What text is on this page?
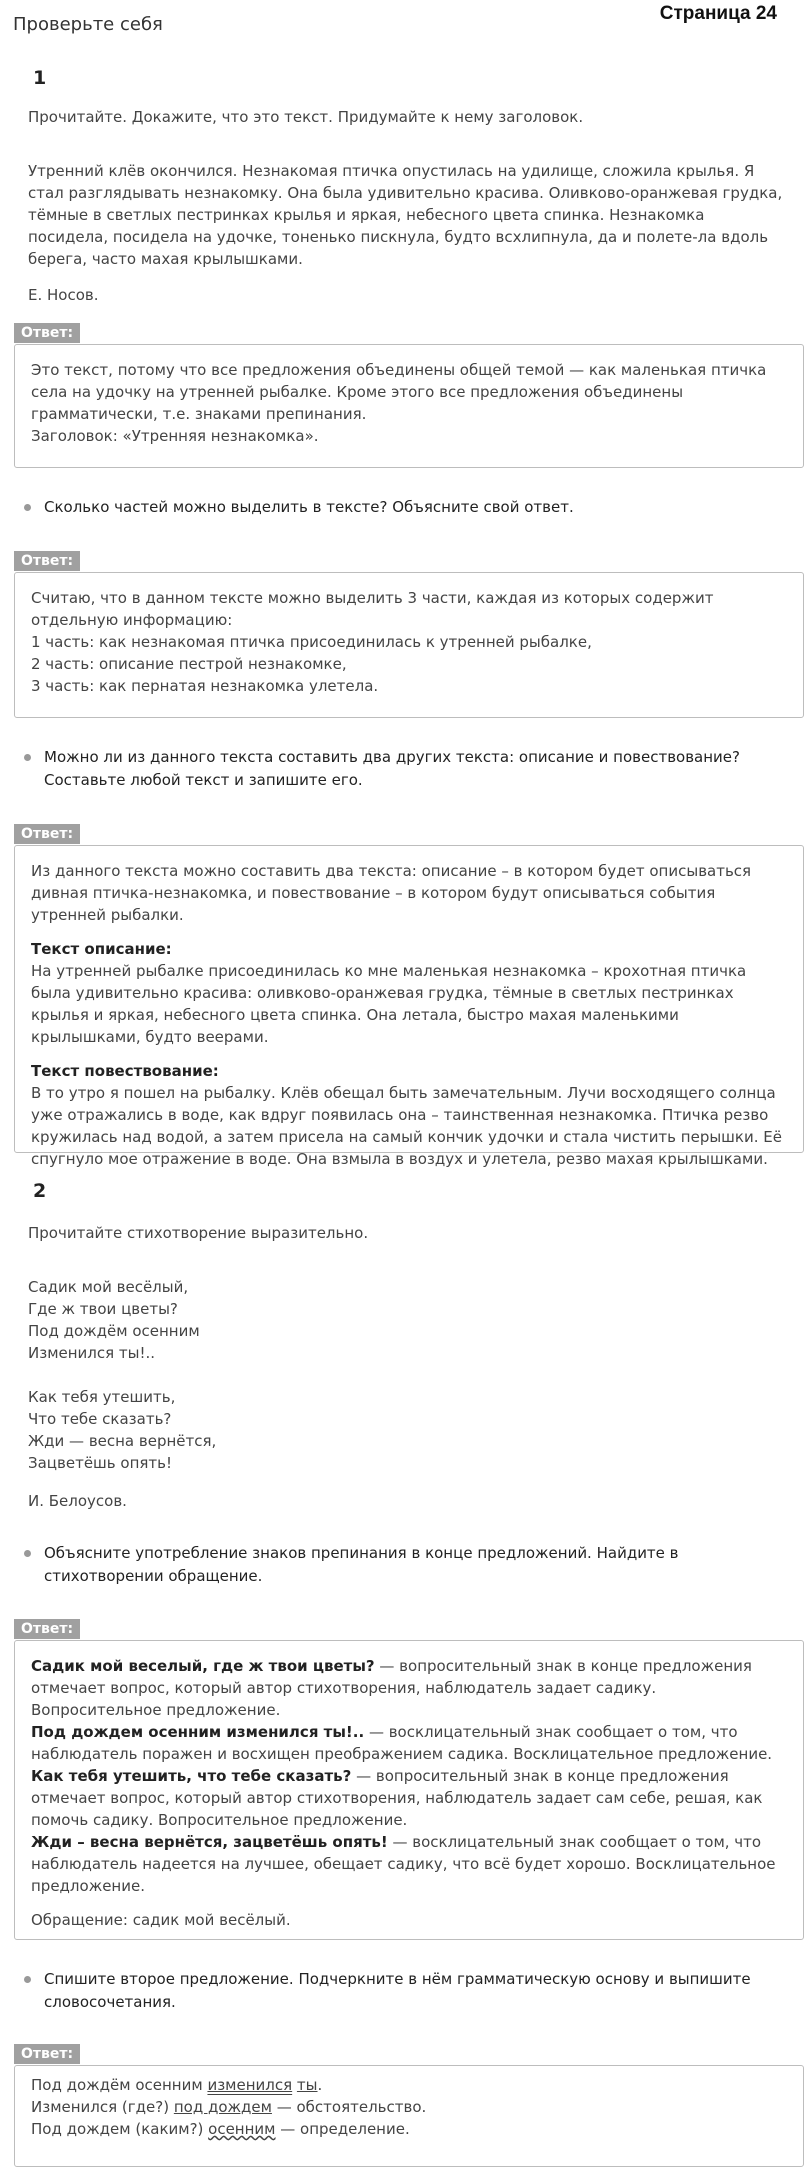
Проверьте себя
Страница 24
1
Прочитайте. Докажите, что это текст. Придумайте к нему заголовок.
Утренний клёв окончился. Незнакомая птичка опустилась на удилище, сложила крылья. Я стал разглядывать незнакомку. Она была удивительно красива. Оливково-оранжевая грудка, тёмные в светлых пестринках крылья и яркая, небесного цвета спинка. Незнакомка посидела, посидела на удочке, тоненько пискнула, будто всхлипнула, да и полете-ла вдоль берега, часто махая крылышками.
Е. Носов.
Ответ:

Это текст, потому что все предложения объединены общей темой — как маленькая птичка села на удочку на утренней рыбалке. Кроме этого все предложения объединены грамматически, т.е. знаками препинания.

Заголовок: «Утренняя незнакомка».

Сколько частей можно выделить в тексте? Объясните свой ответ.
Ответ:

Считаю, что в данном тексте можно выделить 3 части, каждая из которых содержит отдельную информацию:

1 часть: как незнакомая птичка присоединилась к утренней рыбалке,

2 часть: описание пестрой незнакомке,

3 часть: как пернатая незнакомка улетела.

Можно ли из данного текста составить два других текста: описание и повествование? Составьте любой текст и запишите его.
Ответ:

Из данного текста можно составить два текста: описание – в котором будет описываться дивная птичка-незнакомка, и повествование – в котором будут описываться события утренней рыбалки.

Текст описание:

На утренней рыбалке присоединилась ко мне маленькая незнакомка – крохотная птичка была удивительно красива: оливково-оранжевая грудка, тёмные в светлых пестринках крылья и яркая, небесного цвета спинка. Она летала, быстро махая маленькими крылышками, будто веерами.

Текст повествование:

В то утро я пошел на рыбалку. Клёв обещал быть замечательным. Лучи восходящего солнца уже отражались в воде, как вдруг появилась она – таинственная незнакомка. Птичка резво кружилась над водой, а затем присела на самый кончик удочки и стала чистить перышки. Её спугнуло мое отражение в воде. Она взмыла в воздух и улетела, резво махая крылышками.

2
Прочитайте стихотворение выразительно.

Садик мой весёлый,

Где ж твои цветы?

Под дождём осенним

Изменился ты!..

Как тебя утешить,

Что тебе сказать?

Жди — весна вернётся,

Зацветёшь опять!

И. Белоусов.
Объясните употребление знаков препинания в конце предложений. Найдите в стихотворении обращение.
Ответ:

Садик мой веселый, где ж твои цветы? — вопросительный знак в конце предложения отмечает вопрос, который автор стихотворения, наблюдатель задает садику. Вопросительное предложение.

Под дождем осенним изменился ты!.. — восклицательный знак сообщает о том, что наблюдатель поражен и восхищен преображением садика. Восклицательное предложение.

Как тебя утешить, что тебе сказать? — вопросительный знак в конце предложения отмечает вопрос, который автор стихотворения, наблюдатель задает сам себе, решая, как помочь садику. Вопросительное предложение.

Жди – весна вернётся, зацветёшь опять! — восклицательный знак сообщает о том, что наблюдатель надеется на лучшее, обещает садику, что всё будет хорошо. Восклицательное предложение.

Обращение: садик мой весёлый.

Спишите второе предложение. Подчеркните в нём грамматическую основу и выпишите словосочетания.
Ответ:

Под дождём осенним изменился ты.

Изменился (где?) под дождем — обстоятельство.

Под дождем (каким?) осенним — определение.
